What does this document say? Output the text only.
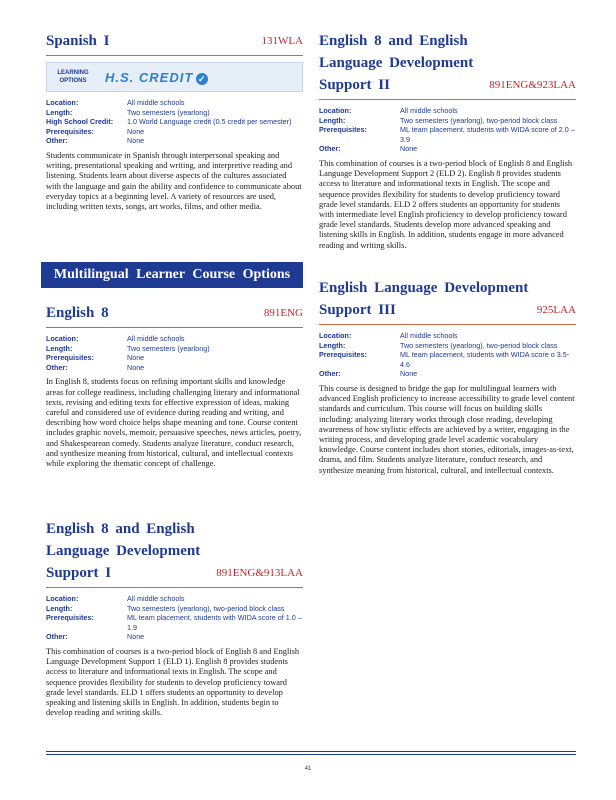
Spanish I	131WLA
LEARNING OPTIONS	H.S. CREDIT ✓
Location:	All middle schools
Length:	Two semesters (yearlong)
High School Credit:	1.0 World Language credit (0.5 credit per semester)
Prerequisites:	None
Other:	None

Students communicate in Spanish through interpersonal speaking and writing, presentational speaking and writing, and interpretive reading and listening. Students learn about diverse aspects of the cultures associated with the language and gain the ability and confidence to communicate about everyday topics at a beginning level. A variety of resources are used, including written texts, songs, art works, films, and other media.

English 8	891ENG
Location:	All middle schools
Length:	Two semesters (yearlong)
Prerequisites:	None
Other:	None

In English 8, students focus on refining important skills and knowledge areas for college readiness, including challenging literary and informational texts, revising and editing texts for effective expression of ideas, making careful and considered use of evidence during reading and writing, and describing how word choice helps shape meaning and tone. Course content includes graphic novels, memoir, persuasive speeches, news articles, poetry, and Shakespearean comedy. Students analyze literature, conduct research, and synthesize meaning from historical, cultural, and intellectual contexts while exploring the thematic concept of challenge.

English 8 and English Language Development Support I	891ENG&913LAA
Location:	All middle schools
Length:	Two semesters (yearlong), two-period block class
Prerequisites:	ML team placement, students with WIDA score of 1.0 – 1.9
Other:	None

This combination of courses is a two-period block of English 8 and English Language Development Support 1 (ELD 1). English 8 provides students access to literature and informational texts in English. The scope and sequence provides flexibility for students to develop proficiency toward grade level standards. ELD 1 offers students an opportunity to develop speaking and listening skills in English. In addition, students begin to develop reading and writing skills.

Multilingual Learner Course Options
English 8 and English Language Development Support II	891ENG&923LAA
Location:	All middle schools
Length:	Two semesters (yearlong), two-period block class
Prerequisites:	ML team placement, students with WIDA score of 2.0 – 3.9
Other:	None

This combination of courses is a two-period block of English 8 and English Language Development Support 2 (ELD 2). English 8 provides students access to literature and informational texts in English. The scope and sequence provides flexibility for students to develop proficiency toward grade level standards. ELD 2 offers students an opportunity for students with intermediate level English proficiency to develop proficiency toward grade level standards. Students develop more advanced speaking and listening skills in English. In addition, students engage in more advanced reading and writing skills.

English Language Development Support III	925LAA
Location:	All middle schools
Length:	Two semesters (yearlong), two-period block class
Prerequisites:	ML team placement, students with WIDA score o 3.5-4.6
Other:	None

This course is designed to bridge the gap for multilingual learners with advanced English proficiency to increase accessibility to grade level content standards and curriculum. This course will focus on building skills including: analyzing literary works through close reading, developing awareness of how stylistic effects are achieved by a writer, engaging in the writing process, and developing grade level academic vocabulary knowledge. Course content includes short stories, editorials, images-as-text, drama, and film. Students analyze literature, conduct research, and synthesize meaning from historical, cultural, and intellectual contexts.

41
